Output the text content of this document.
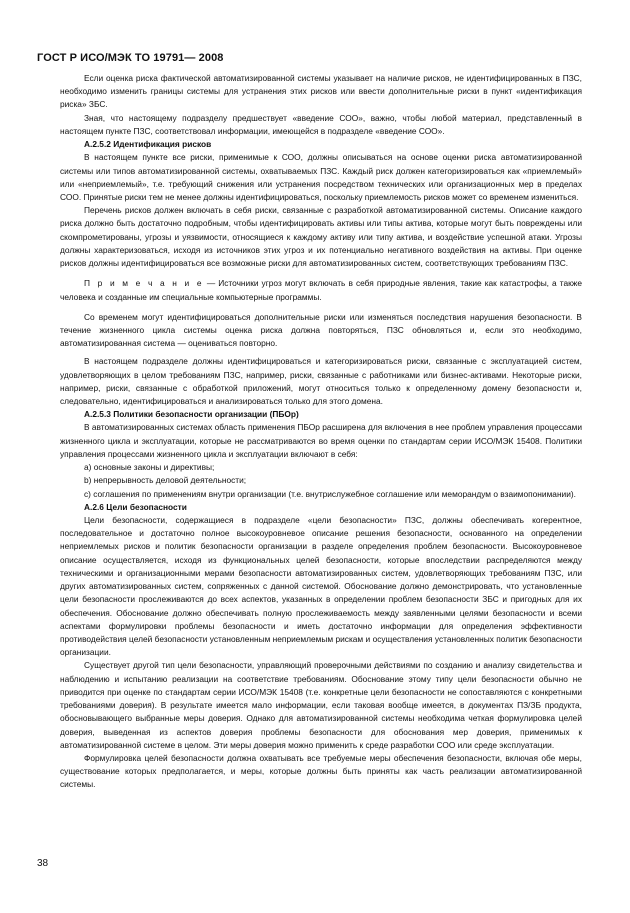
ГОСТ Р ИСО/МЭК ТО 19791— 2008

Если оценка риска фактической автоматизированной системы указывает на наличие рисков, не идентифицированных в ПЗС, необходимо изменить границы системы для устранения этих рисков или ввести дополнительные риски в пункт «идентификация риска» ЗБС.

Зная, что настоящему подразделу предшествует «введение СОО», важно, чтобы любой материал, представленный в настоящем пункте ПЗС, соответствовал информации, имеющейся в подразделе «введение СОО».

А.2.5.2 Идентификация рисков

В настоящем пункте все риски, применимые к СОО, должны описываться на основе оценки риска автоматизированной системы или типов автоматизированной системы, охватываемых ПЗС. Каждый риск должен категоризироваться как «приемлемый» или «неприемлемый», т.е. требующий снижения или устранения посредством технических или организационных мер в пределах СОО. Принятые риски тем не менее должны идентифицироваться, поскольку приемлемость рисков может со временем измениться.

Перечень рисков должен включать в себя риски, связанные с разработкой автоматизированной системы. Описание каждого риска должно быть достаточно подробным, чтобы идентифицировать активы или типы актива, которые могут быть повреждены или скомпрометированы, угрозы и уязвимости, относящиеся к каждому активу или типу актива, и воздействие успешной атаки. Угрозы должны характеризоваться, исходя из источников этих угроз и их потенциально негативного воздействия на активы. При оценке рисков должны идентифицироваться все возможные риски для автоматизированных систем, соответствующих требованиям ПЗС.

П р и м е ч а н и е — Источники угроз могут включать в себя природные явления, такие как катастрофы, а также человека и созданные им специальные компьютерные программы.

Со временем могут идентифицироваться дополнительные риски или изменяться последствия нарушения безопасности. В течение жизненного цикла системы оценка риска должна повторяться, ПЗС обновляться и, если это необходимо, автоматизированная система — оцениваться повторно.

В настоящем подразделе должны идентифицироваться и категоризироваться риски, связанные с эксплуатацией систем, удовлетворяющих в целом требованиям ПЗС, например, риски, связанные с работниками или бизнес-активами. Некоторые риски, например, риски, связанные с обработкой приложений, могут относиться только к определенному домену безопасности и, следовательно, идентифицироваться и анализироваться только для этого домена.

А.2.5.3 Политики безопасности организации (ПБОр)

В автоматизированных системах область применения ПБОр расширена для включения в нее проблем управления процессами жизненного цикла и эксплуатации, которые не рассматриваются во время оценки по стандартам серии ИСО/МЭК 15408. Политики управления процессами жизненного цикла и эксплуатации включают в себя:

а) основные законы и директивы;

b) непрерывность деловой деятельности;

с) соглашения по применениям внутри организации (т.е. внутрислужебное соглашение или меморандум о взаимопонимании).

А.2.6 Цели безопасности

Цели безопасности, содержащиеся в подразделе «цели безопасности» ПЗС, должны обеспечивать когерентное, последовательное и достаточно полное высокоуровневое описание решения безопасности, основанного на определении неприемлемых рисков и политик безопасности организации в разделе определения проблем безопасности. Высокоуровневое описание осуществляется, исходя из функциональных целей безопасности, которые впоследствии распределяются между техническими и организационными мерами безопасности автоматизированных систем, удовлетворяющих требованиям ПЗС, или других автоматизированных систем, сопряженных с данной системой. Обоснование должно демонстрировать, что установленные цели безопасности прослеживаются до всех аспектов, указанных в определении проблем безопасности ЗБС и пригодных для их обеспечения. Обоснование должно обеспечивать полную прослеживаемость между заявленными целями безопасности и всеми аспектами формулировки проблемы безопасности и иметь достаточно информации для определения эффективности противодействия целей безопасности установленным неприемлемым рискам и осуществления установленных политик безопасности организации.

Существует другой тип цели безопасности, управляющий проверочными действиями по созданию и анализу свидетельства и наблюдению и испытанию реализации на соответствие требованиям. Обоснование этому типу цели безопасности обычно не приводится при оценке по стандартам серии ИСО/МЭК 15408 (т.е. конкретные цели безопасности не сопоставляются с конкретными требованиями доверия). В результате имеется мало информации, если таковая вообще имеется, в документах ПЗ/ЗБ продукта, обосновывающего выбранные меры доверия. Однако для автоматизированной системы необходима четкая формулировка целей доверия, выведенная из аспектов доверия проблемы безопасности для обоснования мер доверия, применимых к автоматизированной системе в целом. Эти меры доверия можно применить к среде разработки СОО или среде эксплуатации.

Формулировка целей безопасности должна охватывать все требуемые меры обеспечения безопасности, включая обе меры, существование которых предполагается, и меры, которые должны быть приняты как часть реализации автоматизированной системы.

38
